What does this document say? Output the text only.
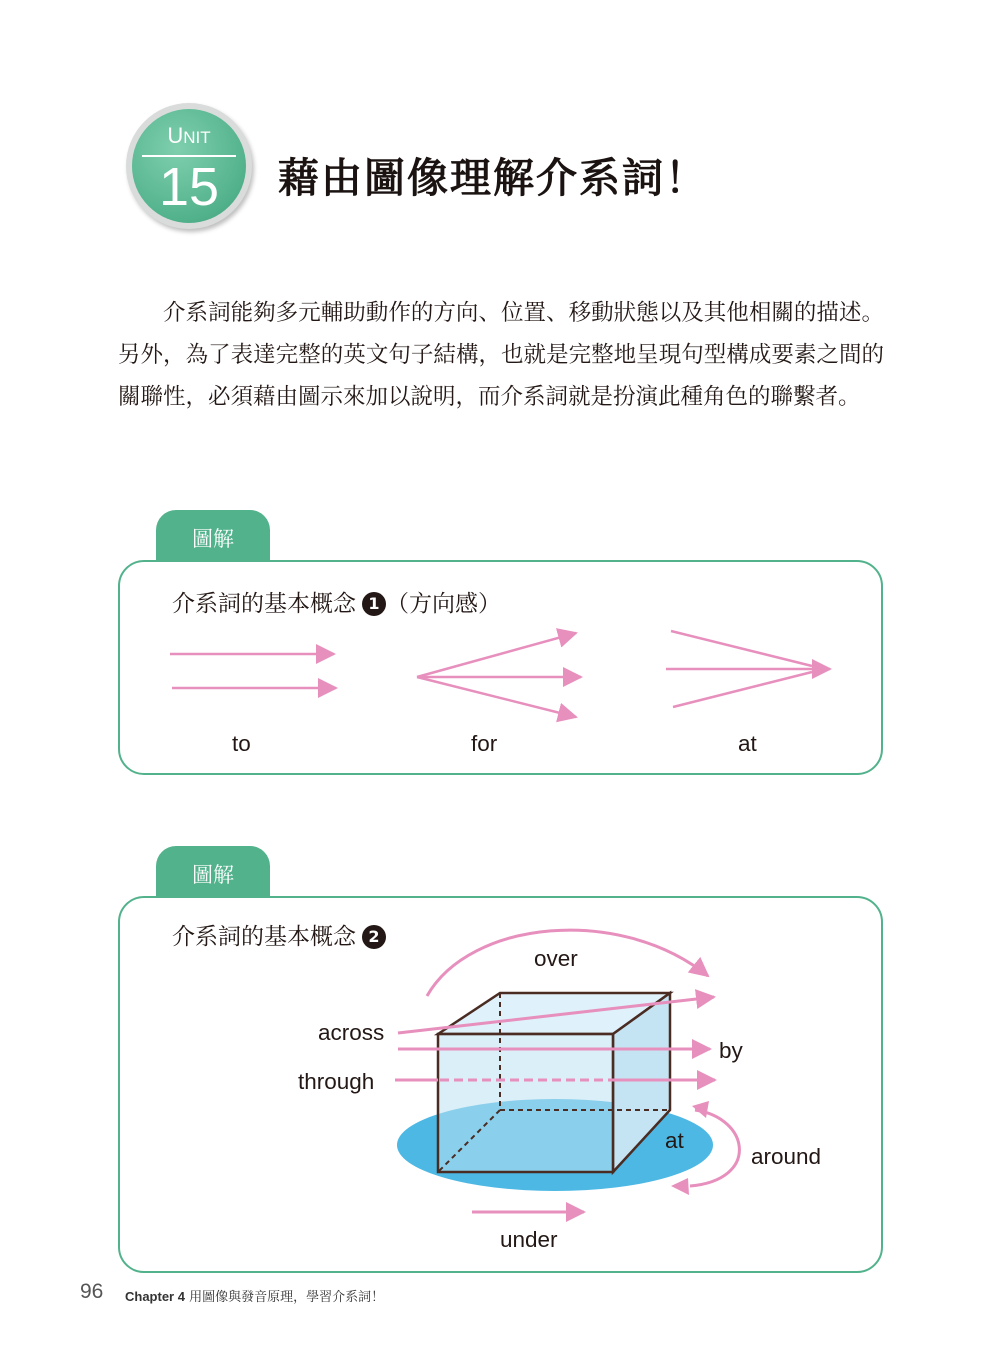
UNIT
15	藉由圖像理解介系詞！

介系詞能夠多元輔助動作的方向、位置、移動狀態以及其他相關的描述。另外，為了表達完整的英文句子結構，也就是完整地呈現句型構成要素之間的關聯性，必須藉由圖示來加以說明，而介系詞就是扮演此種角色的聯繫者。

圖解
介系詞的基本概念 1 （方向感）
to	for	at
圖解
介系詞的基本概念 2
over
across
by
through
at
around
under
96 Chapter 4 用圖像與發音原理，學習介系詞！
